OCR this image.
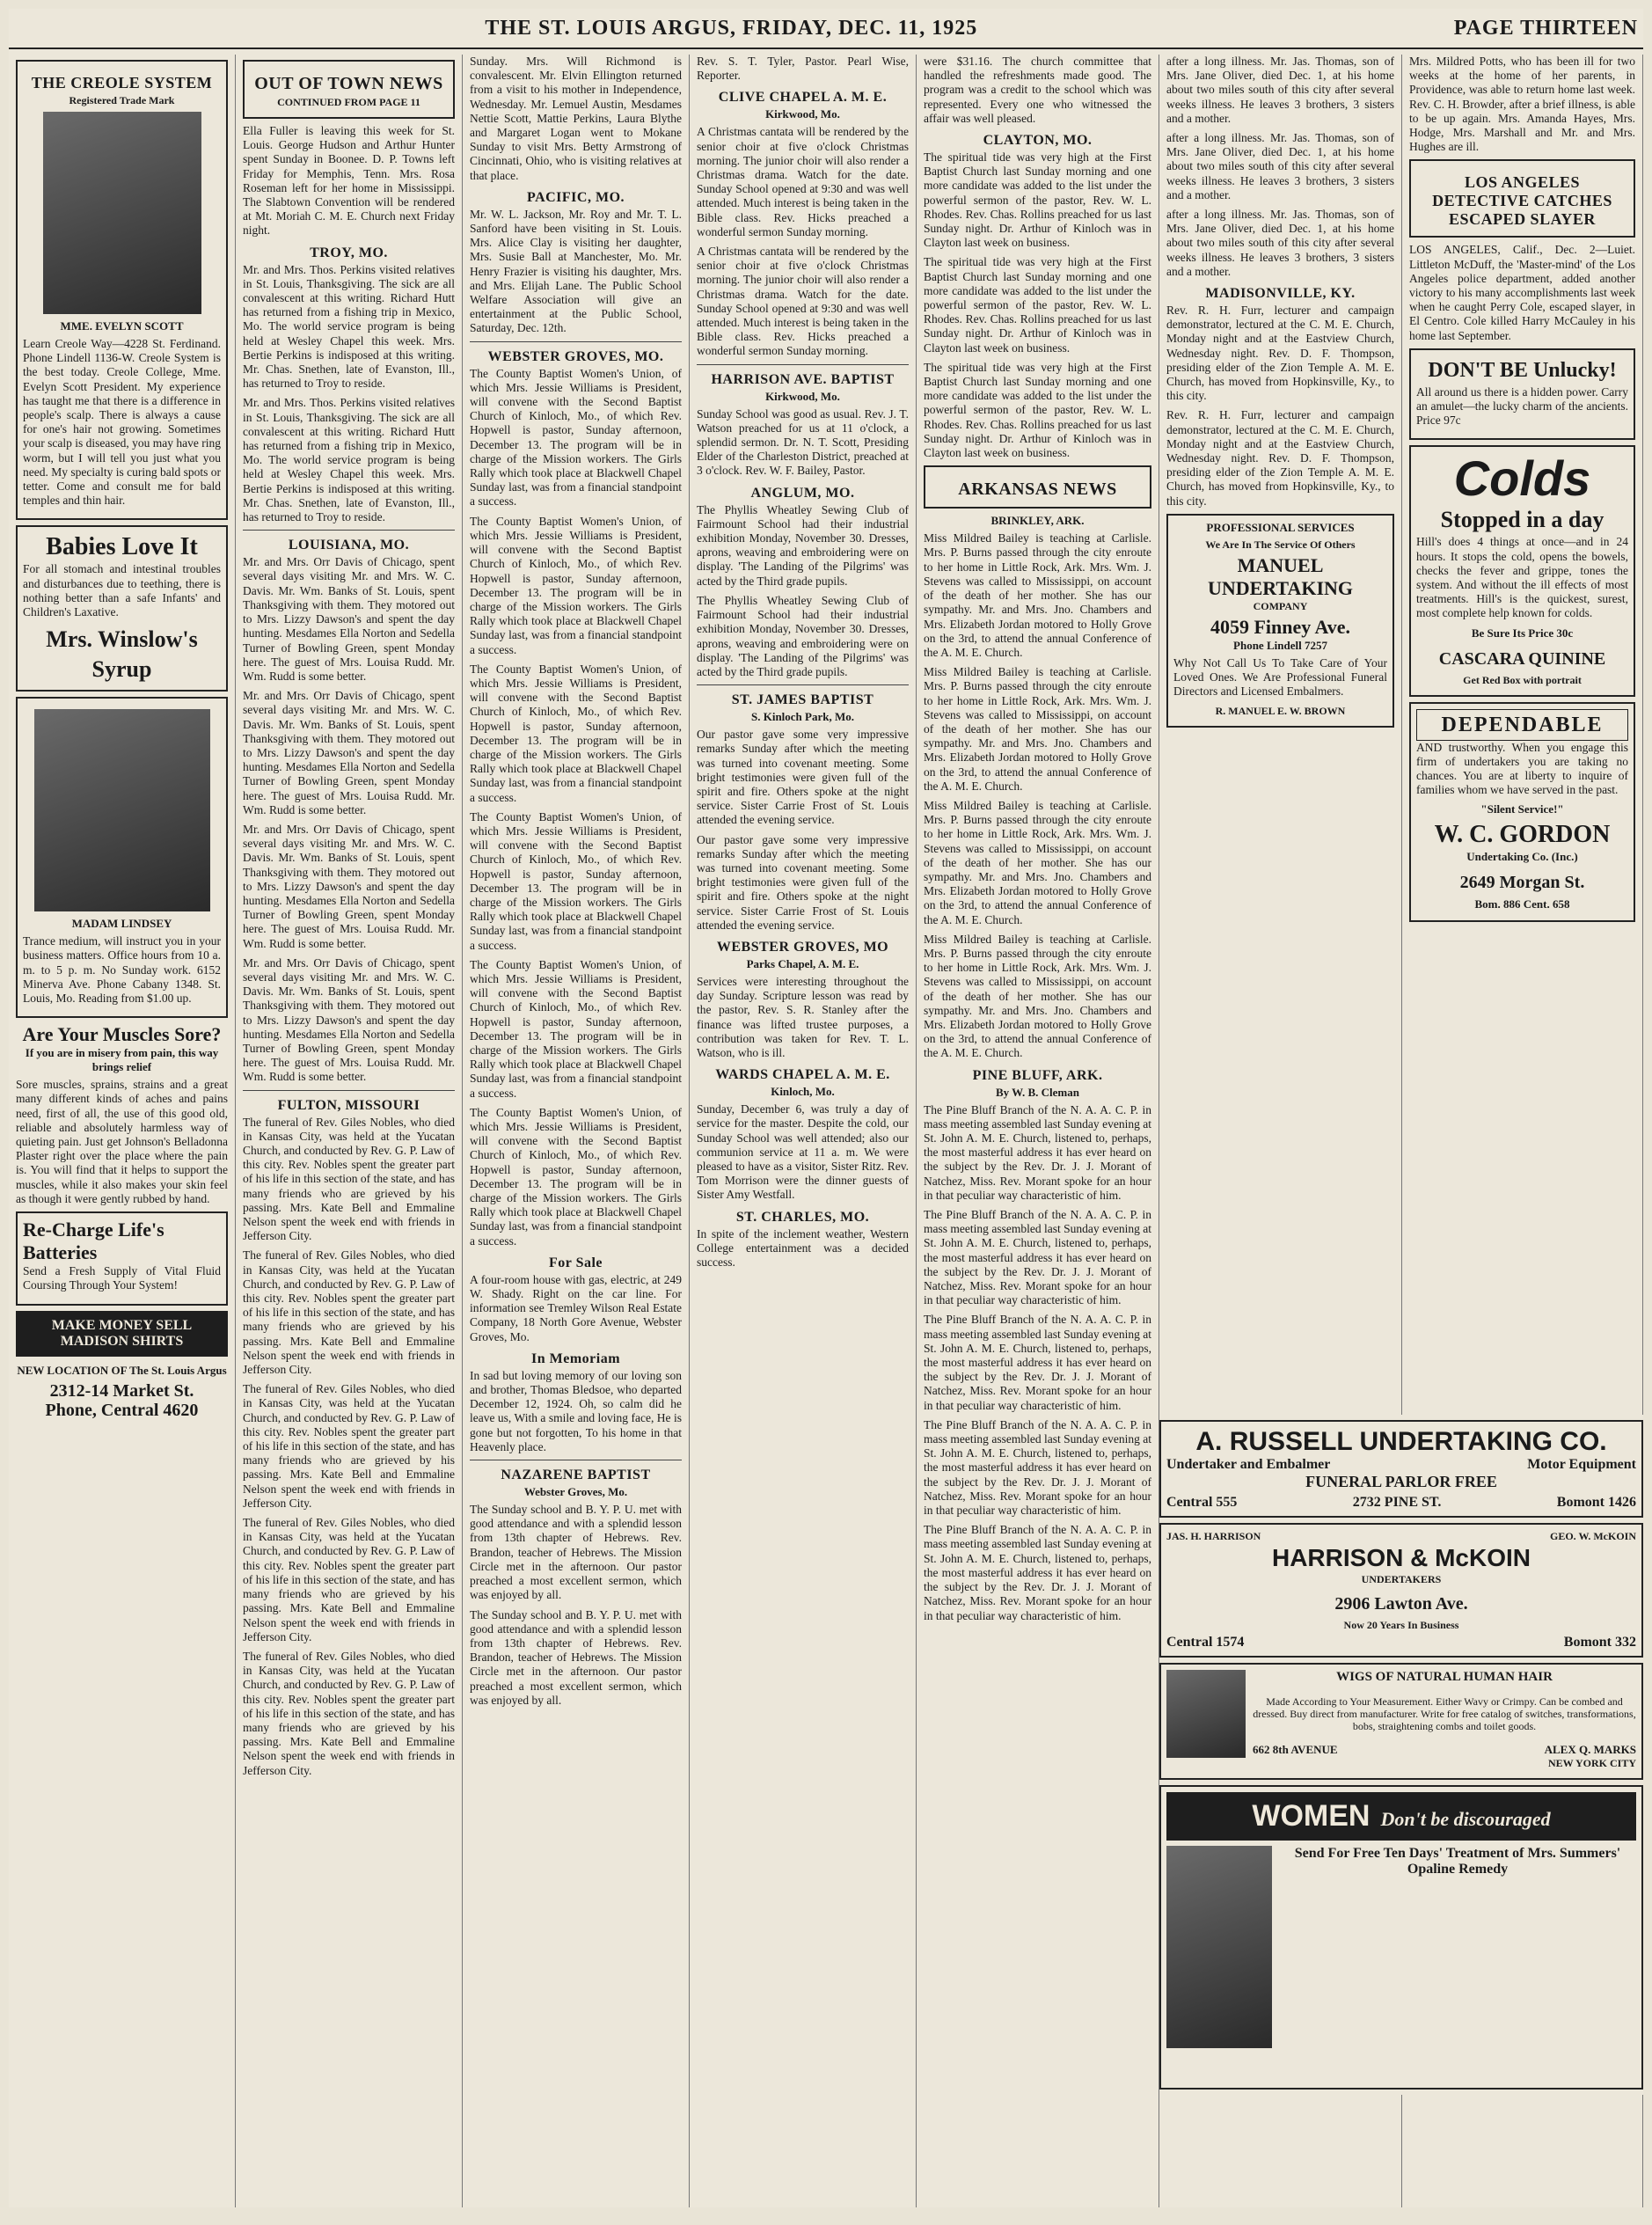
THE ST. LOUIS ARGUS, FRIDAY, DEC. 11, 1925	PAGE THIRTEEN
THE CREOLE SYSTEM
Registered Trade Mark
MME. EVELYN SCOTT

Learn Creole Way—4228 St. Ferdinand. Phone Lindell 1136-W. Creole System is the best today. Creole College, Mme. Evelyn Scott President. My experience has taught me that there is a difference in people's scalp. There is always a cause for one's hair not growing. Sometimes your scalp is diseased, you may have ring worm, but I will tell you just what you need. My specialty is curing bald spots or tetter. Come and consult me for bald temples and thin hair.

Babies Love It

For all stomach and intestinal troubles and disturbances due to teething, there is nothing better than a safe Infants' and Children's Laxative.

Mrs. Winslow's Syrup
MADAM LINDSEY

Trance medium, will instruct you in your business matters. Office hours from 10 a. m. to 5 p. m. No Sunday work. 6152 Minerva Ave. Phone Cabany 1348. St. Louis, Mo. Reading from $1.00 up.

Are Your Muscles Sore?
If you are in misery from pain, this way brings relief

Sore muscles, sprains, strains and a great many different kinds of aches and pains need, first of all, the use of this good old, reliable and absolutely harmless way of quieting pain. Just get Johnson's Belladonna Plaster right over the place where the pain is. You will find that it helps to support the muscles, while it also makes your skin feel as though it were gently rubbed by hand.

Re-Charge Life's Batteries

Send a Fresh Supply of Vital Fluid Coursing Through Your System!

MAKE MONEY SELL MADISON SHIRTS
NEW LOCATION OF The St. Louis Argus
2312-14 Market St.
Phone, Central 4620
OUT OF TOWN NEWS
CONTINUED FROM PAGE 11

Ella Fuller is leaving this week for St. Louis. George Hudson and Arthur Hunter spent Sunday in Boonee. D. P. Towns left Friday for Memphis, Tenn. Mrs. Rosa Roseman left for her home in Mississippi. The Slabtown Convention will be rendered at Mt. Moriah C. M. E. Church next Friday night.

TROY, MO.

Mr. and Mrs. Thos. Perkins visited relatives in St. Louis, Thanksgiving. The sick are all convalescent at this writing. Richard Hutt has returned from a fishing trip in Mexico, Mo. The world service program is being held at Wesley Chapel this week. Mrs. Bertie Perkins is indisposed at this writing. Mr. Chas. Snethen, late of Evanston, Ill., has returned to Troy to reside.

Mr. and Mrs. Thos. Perkins visited relatives in St. Louis, Thanksgiving. The sick are all convalescent at this writing. Richard Hutt has returned from a fishing trip in Mexico, Mo. The world service program is being held at Wesley Chapel this week. Mrs. Bertie Perkins is indisposed at this writing. Mr. Chas. Snethen, late of Evanston, Ill., has returned to Troy to reside.

LOUISIANA, MO.

Mr. and Mrs. Orr Davis of Chicago, spent several days visiting Mr. and Mrs. W. C. Davis. Mr. Wm. Banks of St. Louis, spent Thanksgiving with them. They motored out to Mrs. Lizzy Dawson's and spent the day hunting. Mesdames Ella Norton and Sedella Turner of Bowling Green, spent Monday here. The guest of Mrs. Louisa Rudd. Mr. Wm. Rudd is some better.

Mr. and Mrs. Orr Davis of Chicago, spent several days visiting Mr. and Mrs. W. C. Davis. Mr. Wm. Banks of St. Louis, spent Thanksgiving with them. They motored out to Mrs. Lizzy Dawson's and spent the day hunting. Mesdames Ella Norton and Sedella Turner of Bowling Green, spent Monday here. The guest of Mrs. Louisa Rudd. Mr. Wm. Rudd is some better.

Mr. and Mrs. Orr Davis of Chicago, spent several days visiting Mr. and Mrs. W. C. Davis. Mr. Wm. Banks of St. Louis, spent Thanksgiving with them. They motored out to Mrs. Lizzy Dawson's and spent the day hunting. Mesdames Ella Norton and Sedella Turner of Bowling Green, spent Monday here. The guest of Mrs. Louisa Rudd. Mr. Wm. Rudd is some better.

Mr. and Mrs. Orr Davis of Chicago, spent several days visiting Mr. and Mrs. W. C. Davis. Mr. Wm. Banks of St. Louis, spent Thanksgiving with them. They motored out to Mrs. Lizzy Dawson's and spent the day hunting. Mesdames Ella Norton and Sedella Turner of Bowling Green, spent Monday here. The guest of Mrs. Louisa Rudd. Mr. Wm. Rudd is some better.

FULTON, MISSOURI

The funeral of Rev. Giles Nobles, who died in Kansas City, was held at the Yucatan Church, and conducted by Rev. G. P. Law of this city. Rev. Nobles spent the greater part of his life in this section of the state, and has many friends who are grieved by his passing. Mrs. Kate Bell and Emmaline Nelson spent the week end with friends in Jefferson City.

The funeral of Rev. Giles Nobles, who died in Kansas City, was held at the Yucatan Church, and conducted by Rev. G. P. Law of this city. Rev. Nobles spent the greater part of his life in this section of the state, and has many friends who are grieved by his passing. Mrs. Kate Bell and Emmaline Nelson spent the week end with friends in Jefferson City.

The funeral of Rev. Giles Nobles, who died in Kansas City, was held at the Yucatan Church, and conducted by Rev. G. P. Law of this city. Rev. Nobles spent the greater part of his life in this section of the state, and has many friends who are grieved by his passing. Mrs. Kate Bell and Emmaline Nelson spent the week end with friends in Jefferson City.

The funeral of Rev. Giles Nobles, who died in Kansas City, was held at the Yucatan Church, and conducted by Rev. G. P. Law of this city. Rev. Nobles spent the greater part of his life in this section of the state, and has many friends who are grieved by his passing. Mrs. Kate Bell and Emmaline Nelson spent the week end with friends in Jefferson City.

The funeral of Rev. Giles Nobles, who died in Kansas City, was held at the Yucatan Church, and conducted by Rev. G. P. Law of this city. Rev. Nobles spent the greater part of his life in this section of the state, and has many friends who are grieved by his passing. Mrs. Kate Bell and Emmaline Nelson spent the week end with friends in Jefferson City.

Sunday. Mrs. Will Richmond is convalescent. Mr. Elvin Ellington returned from a visit to his mother in Independence, Wednesday. Mr. Lemuel Austin, Mesdames Nettie Scott, Mattie Perkins, Laura Blythe and Margaret Logan went to Mokane Sunday to visit Mrs. Betty Armstrong of Cincinnati, Ohio, who is visiting relatives at that place.

PACIFIC, MO.

Mr. W. L. Jackson, Mr. Roy and Mr. T. L. Sanford have been visiting in St. Louis. Mrs. Alice Clay is visiting her daughter, Mrs. Susie Ball at Manchester, Mo. Mr. Henry Frazier is visiting his daughter, Mrs. and Mrs. Elijah Lane. The Public School Welfare Association will give an entertainment at the Public School, Saturday, Dec. 12th.

WEBSTER GROVES, MO.

The County Baptist Women's Union, of which Mrs. Jessie Williams is President, will convene with the Second Baptist Church of Kinloch, Mo., of which Rev. Hopwell is pastor, Sunday afternoon, December 13. The program will be in charge of the Mission workers. The Girls Rally which took place at Blackwell Chapel Sunday last, was from a financial standpoint a success.

The County Baptist Women's Union, of which Mrs. Jessie Williams is President, will convene with the Second Baptist Church of Kinloch, Mo., of which Rev. Hopwell is pastor, Sunday afternoon, December 13. The program will be in charge of the Mission workers. The Girls Rally which took place at Blackwell Chapel Sunday last, was from a financial standpoint a success.

The County Baptist Women's Union, of which Mrs. Jessie Williams is President, will convene with the Second Baptist Church of Kinloch, Mo., of which Rev. Hopwell is pastor, Sunday afternoon, December 13. The program will be in charge of the Mission workers. The Girls Rally which took place at Blackwell Chapel Sunday last, was from a financial standpoint a success.

The County Baptist Women's Union, of which Mrs. Jessie Williams is President, will convene with the Second Baptist Church of Kinloch, Mo., of which Rev. Hopwell is pastor, Sunday afternoon, December 13. The program will be in charge of the Mission workers. The Girls Rally which took place at Blackwell Chapel Sunday last, was from a financial standpoint a success.

The County Baptist Women's Union, of which Mrs. Jessie Williams is President, will convene with the Second Baptist Church of Kinloch, Mo., of which Rev. Hopwell is pastor, Sunday afternoon, December 13. The program will be in charge of the Mission workers. The Girls Rally which took place at Blackwell Chapel Sunday last, was from a financial standpoint a success.

The County Baptist Women's Union, of which Mrs. Jessie Williams is President, will convene with the Second Baptist Church of Kinloch, Mo., of which Rev. Hopwell is pastor, Sunday afternoon, December 13. The program will be in charge of the Mission workers. The Girls Rally which took place at Blackwell Chapel Sunday last, was from a financial standpoint a success.

For Sale

A four-room house with gas, electric, at 249 W. Shady. Right on the car line. For information see Tremley Wilson Real Estate Company, 18 North Gore Avenue, Webster Groves, Mo.

In Memoriam

In sad but loving memory of our loving son and brother, Thomas Bledsoe, who departed December 12, 1924. Oh, so calm did he leave us, With a smile and loving face, He is gone but not forgotten, To his home in that Heavenly place.

NAZARENE BAPTIST
Webster Groves, Mo.

The Sunday school and B. Y. P. U. met with good attendance and with a splendid lesson from 13th chapter of Hebrews. Rev. Brandon, teacher of Hebrews. The Mission Circle met in the afternoon. Our pastor preached a most excellent sermon, which was enjoyed by all.

The Sunday school and B. Y. P. U. met with good attendance and with a splendid lesson from 13th chapter of Hebrews. Rev. Brandon, teacher of Hebrews. The Mission Circle met in the afternoon. Our pastor preached a most excellent sermon, which was enjoyed by all.

Rev. S. T. Tyler, Pastor. Pearl Wise, Reporter.

CLIVE CHAPEL A. M. E.
Kirkwood, Mo.

A Christmas cantata will be rendered by the senior choir at five o'clock Christmas morning. The junior choir will also render a Christmas drama. Watch for the date. Sunday School opened at 9:30 and was well attended. Much interest is being taken in the Bible class. Rev. Hicks preached a wonderful sermon Sunday morning.

A Christmas cantata will be rendered by the senior choir at five o'clock Christmas morning. The junior choir will also render a Christmas drama. Watch for the date. Sunday School opened at 9:30 and was well attended. Much interest is being taken in the Bible class. Rev. Hicks preached a wonderful sermon Sunday morning.

HARRISON AVE. BAPTIST
Kirkwood, Mo.

Sunday School was good as usual. Rev. J. T. Watson preached for us at 11 o'clock, a splendid sermon. Dr. N. T. Scott, Presiding Elder of the Charleston District, preached at 3 o'clock. Rev. W. F. Bailey, Pastor.

ANGLUM, MO.

The Phyllis Wheatley Sewing Club of Fairmount School had their industrial exhibition Monday, November 30. Dresses, aprons, weaving and embroidering were on display. 'The Landing of the Pilgrims' was acted by the Third grade pupils.

The Phyllis Wheatley Sewing Club of Fairmount School had their industrial exhibition Monday, November 30. Dresses, aprons, weaving and embroidering were on display. 'The Landing of the Pilgrims' was acted by the Third grade pupils.

ST. JAMES BAPTIST
S. Kinloch Park, Mo.

Our pastor gave some very impressive remarks Sunday after which the meeting was turned into covenant meeting. Some bright testimonies were given full of the spirit and fire. Others spoke at the night service. Sister Carrie Frost of St. Louis attended the evening service.

Our pastor gave some very impressive remarks Sunday after which the meeting was turned into covenant meeting. Some bright testimonies were given full of the spirit and fire. Others spoke at the night service. Sister Carrie Frost of St. Louis attended the evening service.

WEBSTER GROVES, MO
Parks Chapel, A. M. E.

Services were interesting throughout the day Sunday. Scripture lesson was read by the pastor, Rev. S. R. Stanley after the finance was lifted trustee purposes, a contribution was taken for Rev. T. L. Watson, who is ill.

WARDS CHAPEL A. M. E.
Kinloch, Mo.

Sunday, December 6, was truly a day of service for the master. Despite the cold, our Sunday School was well attended; also our communion service at 11 a. m. We were pleased to have as a visitor, Sister Ritz. Rev. Tom Morrison were the dinner guests of Sister Amy Westfall.

ST. CHARLES, MO.

In spite of the inclement weather, Western College entertainment was a decided success.

were $31.16. The church committee that handled the refreshments made good. The program was a credit to the school which was represented. Every one who witnessed the affair was well pleased.

CLAYTON, MO.

The spiritual tide was very high at the First Baptist Church last Sunday morning and one more candidate was added to the list under the powerful sermon of the pastor, Rev. W. L. Rhodes. Rev. Chas. Rollins preached for us last Sunday night. Dr. Arthur of Kinloch was in Clayton last week on business.

The spiritual tide was very high at the First Baptist Church last Sunday morning and one more candidate was added to the list under the powerful sermon of the pastor, Rev. W. L. Rhodes. Rev. Chas. Rollins preached for us last Sunday night. Dr. Arthur of Kinloch was in Clayton last week on business.

The spiritual tide was very high at the First Baptist Church last Sunday morning and one more candidate was added to the list under the powerful sermon of the pastor, Rev. W. L. Rhodes. Rev. Chas. Rollins preached for us last Sunday night. Dr. Arthur of Kinloch was in Clayton last week on business.

ARKANSAS NEWS
BRINKLEY, ARK.

Miss Mildred Bailey is teaching at Carlisle. Mrs. P. Burns passed through the city enroute to her home in Little Rock, Ark. Mrs. Wm. J. Stevens was called to Mississippi, on account of the death of her mother. She has our sympathy. Mr. and Mrs. Jno. Chambers and Mrs. Elizabeth Jordan motored to Holly Grove on the 3rd, to attend the annual Conference of the A. M. E. Church.

Miss Mildred Bailey is teaching at Carlisle. Mrs. P. Burns passed through the city enroute to her home in Little Rock, Ark. Mrs. Wm. J. Stevens was called to Mississippi, on account of the death of her mother. She has our sympathy. Mr. and Mrs. Jno. Chambers and Mrs. Elizabeth Jordan motored to Holly Grove on the 3rd, to attend the annual Conference of the A. M. E. Church.

Miss Mildred Bailey is teaching at Carlisle. Mrs. P. Burns passed through the city enroute to her home in Little Rock, Ark. Mrs. Wm. J. Stevens was called to Mississippi, on account of the death of her mother. She has our sympathy. Mr. and Mrs. Jno. Chambers and Mrs. Elizabeth Jordan motored to Holly Grove on the 3rd, to attend the annual Conference of the A. M. E. Church.

Miss Mildred Bailey is teaching at Carlisle. Mrs. P. Burns passed through the city enroute to her home in Little Rock, Ark. Mrs. Wm. J. Stevens was called to Mississippi, on account of the death of her mother. She has our sympathy. Mr. and Mrs. Jno. Chambers and Mrs. Elizabeth Jordan motored to Holly Grove on the 3rd, to attend the annual Conference of the A. M. E. Church.

PINE BLUFF, ARK.
By W. B. Cleman

The Pine Bluff Branch of the N. A. A. C. P. in mass meeting assembled last Sunday evening at St. John A. M. E. Church, listened to, perhaps, the most masterful address it has ever heard on the subject by the Rev. Dr. J. J. Morant of Natchez, Miss. Rev. Morant spoke for an hour in that peculiar way characteristic of him.

The Pine Bluff Branch of the N. A. A. C. P. in mass meeting assembled last Sunday evening at St. John A. M. E. Church, listened to, perhaps, the most masterful address it has ever heard on the subject by the Rev. Dr. J. J. Morant of Natchez, Miss. Rev. Morant spoke for an hour in that peculiar way characteristic of him.

The Pine Bluff Branch of the N. A. A. C. P. in mass meeting assembled last Sunday evening at St. John A. M. E. Church, listened to, perhaps, the most masterful address it has ever heard on the subject by the Rev. Dr. J. J. Morant of Natchez, Miss. Rev. Morant spoke for an hour in that peculiar way characteristic of him.

The Pine Bluff Branch of the N. A. A. C. P. in mass meeting assembled last Sunday evening at St. John A. M. E. Church, listened to, perhaps, the most masterful address it has ever heard on the subject by the Rev. Dr. J. J. Morant of Natchez, Miss. Rev. Morant spoke for an hour in that peculiar way characteristic of him.

The Pine Bluff Branch of the N. A. A. C. P. in mass meeting assembled last Sunday evening at St. John A. M. E. Church, listened to, perhaps, the most masterful address it has ever heard on the subject by the Rev. Dr. J. J. Morant of Natchez, Miss. Rev. Morant spoke for an hour in that peculiar way characteristic of him.

after a long illness. Mr. Jas. Thomas, son of Mrs. Jane Oliver, died Dec. 1, at his home about two miles south of this city after several weeks illness. He leaves 3 brothers, 3 sisters and a mother.

after a long illness. Mr. Jas. Thomas, son of Mrs. Jane Oliver, died Dec. 1, at his home about two miles south of this city after several weeks illness. He leaves 3 brothers, 3 sisters and a mother.

after a long illness. Mr. Jas. Thomas, son of Mrs. Jane Oliver, died Dec. 1, at his home about two miles south of this city after several weeks illness. He leaves 3 brothers, 3 sisters and a mother.

MADISONVILLE, KY.

Rev. R. H. Furr, lecturer and campaign demonstrator, lectured at the C. M. E. Church, Monday night and at the Eastview Church, Wednesday night. Rev. D. F. Thompson, presiding elder of the Zion Temple A. M. E. Church, has moved from Hopkinsville, Ky., to this city.

Rev. R. H. Furr, lecturer and campaign demonstrator, lectured at the C. M. E. Church, Monday night and at the Eastview Church, Wednesday night. Rev. D. F. Thompson, presiding elder of the Zion Temple A. M. E. Church, has moved from Hopkinsville, Ky., to this city.

PROFESSIONAL SERVICES
We Are In The Service Of Others
MANUEL UNDERTAKING
COMPANY
4059 Finney Ave.
Phone Lindell 7257

Why Not Call Us To Take Care of Your Loved Ones. We Are Professional Funeral Directors and Licensed Embalmers.

R. MANUEL E. W. BROWN

Mrs. Mildred Potts, who has been ill for two weeks at the home of her parents, in Providence, was able to return home last week. Rev. C. H. Browder, after a brief illness, is able to be up again. Mrs. Amanda Hayes, Mrs. Hodge, Mrs. Marshall and Mr. and Mrs. Hughes are ill.

LOS ANGELES DETECTIVE CATCHES ESCAPED SLAYER

LOS ANGELES, Calif., Dec. 2—Luiet. Littleton McDuff, the 'Master-mind' of the Los Angeles police department, added another victory to his many accomplishments last week when he caught Perry Cole, escaped slayer, in El Centro. Cole killed Harry McCauley in his home last September.

DON'T BE Unlucky!

All around us there is a hidden power. Carry an amulet—the lucky charm of the ancients. Price 97c

Colds
Stopped in a day

Hill's does 4 things at once—and in 24 hours. It stops the cold, opens the bowels, checks the fever and grippe, tones the system. And without the ill effects of most treatments. Hill's is the quickest, surest, most complete help known for colds.

Be Sure Its Price 30c
CASCARA QUININE
Get Red Box with portrait
DEPENDABLE

AND trustworthy. When you engage this firm of undertakers you are taking no chances. You are at liberty to inquire of families whom we have served in the past.

"Silent Service!"
W. C. GORDON
Undertaking Co. (Inc.)
2649 Morgan St.
Bom. 886 Cent. 658
A. RUSSELL UNDERTAKING CO.
Undertaker and Embalmer	Motor Equipment
FUNERAL PARLOR FREE
Central 555	2732 PINE ST.	Bomont 1426
JAS. H. HARRISON	GEO. W. McKOIN
HARRISON & McKOIN
UNDERTAKERS
2906 Lawton Ave.
Now 20 Years In Business
Central 1574	Bomont 332
WIGS OF NATURAL HUMAN HAIR

Made According to Your Measurement. Either Wavy or Crimpy. Can be combed and dressed. Buy direct from manufacturer. Write for free catalog of switches, transformations, bobs, straightening combs and toilet goods.

662 8th AVENUE	ALEX Q. MARKS
NEW YORK CITY
WOMEN Don't be discouraged
Send For Free Ten Days' Treatment of Mrs. Summers' Opaline Remedy
